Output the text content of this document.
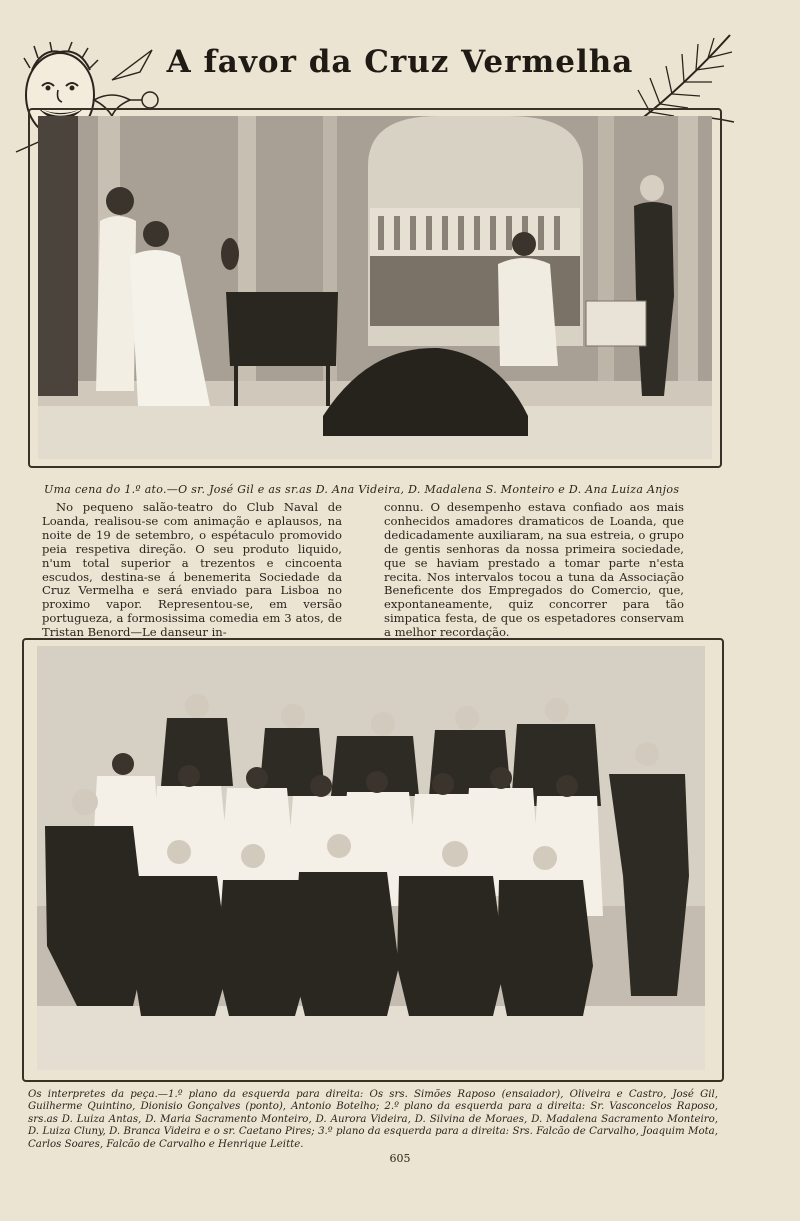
A favor da Cruz Vermelha
Uma cena do 1.º ato.—O sr. José Gil e as sr.as D. Ana Videira, D. Madalena S. Monteiro e D. Ana Luiza Anjos
No pequeno salão-teatro do Club Naval de Loanda, realisou-se com animação e aplausos, na noite de 19 de setembro, o espétaculo promovido peia respetiva direção. O seu produto liquido, n'um total superior a trezentos e cincoenta escudos, destina-se á benemerita Sociedade da Cruz Vermelha e será enviado para Lisboa no proximo vapor. Representou-se, em versão portugueza, a formosissima comedia em 3 atos, de Tristan Benord—Le danseur in-
connu. O desempenho estava confiado aos mais conhecidos amadores dramaticos de Loanda, que dedicadamente auxiliaram, na sua estreia, o grupo de gentis senhoras da nossa primeira sociedade, que se haviam prestado a tomar parte n'esta recita. Nos intervalos tocou a tuna da Associação Beneficente dos Empregados do Comercio, que, expontaneamente, quiz concorrer para tão simpatica festa, de que os espetadores conservam a melhor recordação.
Os interpretes da peça.—1.º plano da esquerda para direita: Os srs. Simões Raposo (ensaiador), Oliveira e Castro, José Gil, Guilherme Quintino, Dionisio Gonçalves (ponto), Antonio Botelho; 2.º plano da esquerda para a direita: Sr. Vasconcelos Raposo, srs.as D. Luiza Antas, D. Maria Sacramento Monteiro, D. Aurora Videira, D. Silvina de Moraes, D. Madalena Sacramento Monteiro, D. Luiza Cluny, D. Branca Videira e o sr. Caetano Pires; 3.º plano da esquerda para a direita: Srs. Falcão de Carvalho, Joaquim Mota, Carlos Soares, Falcão de Carvalho e Henrique Leitte.
605
